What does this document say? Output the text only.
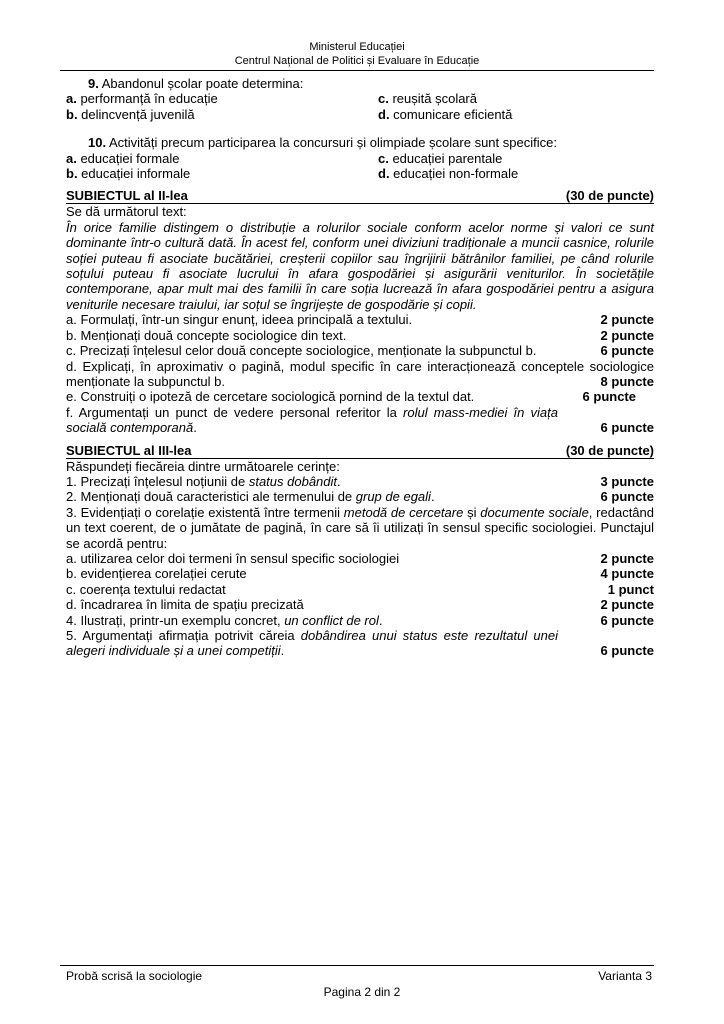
Ministerul Educației
Centrul Național de Politici și Evaluare în Educație
9. Abandonul școlar poate determina:
a. performanță în educație	c. reușită școlară
b. delincvență juvenilă	d. comunicare eficientă
10. Activități precum participarea la concursuri și olimpiade școlare sunt specifice:
a. educației formale	c. educației parentale
b. educației informale	d. educației non-formale
SUBIECTUL al II-lea	(30 de puncte)
Se dă următorul text:
În orice familie distingem o distribuție a rolurilor sociale conform acelor norme și valori ce sunt dominante într-o cultură dată. În acest fel, conform unei diviziuni tradiționale a muncii casnice, rolurile soției puteau fi asociate bucătăriei, creșterii copiilor sau îngrijirii bătrânilor familiei, pe când rolurile soțului puteau fi asociate lucrului în afara gospodăriei și asigurării veniturilor. În societățile contemporane, apar mult mai des familii în care soția lucrează în afara gospodăriei pentru a asigura veniturile necesare traiului, iar soțul se îngrijește de gospodărie și copii.
a. Formulați, într-un singur enunț, ideea principală a textului.	2 puncte
b. Menționați două concepte sociologice din text.	2 puncte
c. Precizați înțelesul celor două concepte sociologice, menționate la subpunctul b.	6 puncte
d. Explicați, în aproximativ o pagină, modul specific în care interacționează conceptele sociologice
menționate la subpunctul b.	8 puncte
e. Construiți o ipoteză de cercetare sociologică pornind de la textul dat.	6 puncte
f. Argumentați un punct de vedere personal referitor la rolul mass-mediei în viața socială contemporană.	6 puncte
SUBIECTUL al III-lea	(30 de puncte)
Răspundeți fiecăreia dintre următoarele cerințe:
1. Precizați înțelesul noțiunii de status dobândit.	3 puncte
2. Menționați două caracteristici ale termenului de grup de egali.	6 puncte
3. Evidențiați o corelație existentă între termenii metodă de cercetare și documente sociale, redactând un text coerent, de o jumătate de pagină, în care să îi utilizați în sensul specific sociologiei. Punctajul se acordă pentru:
a. utilizarea celor doi termeni în sensul specific sociologiei	2 puncte
b. evidențierea corelației cerute	4 puncte
c. coerența textului redactat	1 punct
d. încadrarea în limita de spațiu precizată	2 puncte
4. Ilustrați, printr-un exemplu concret, un conflict de rol.	6 puncte
5. Argumentați afirmația potrivit căreia dobândirea unui status este rezultatul unei alegeri individuale și a unei competiții.	6 puncte
Probă scrisă la sociologie	Varianta 3
Pagina 2 din 2
